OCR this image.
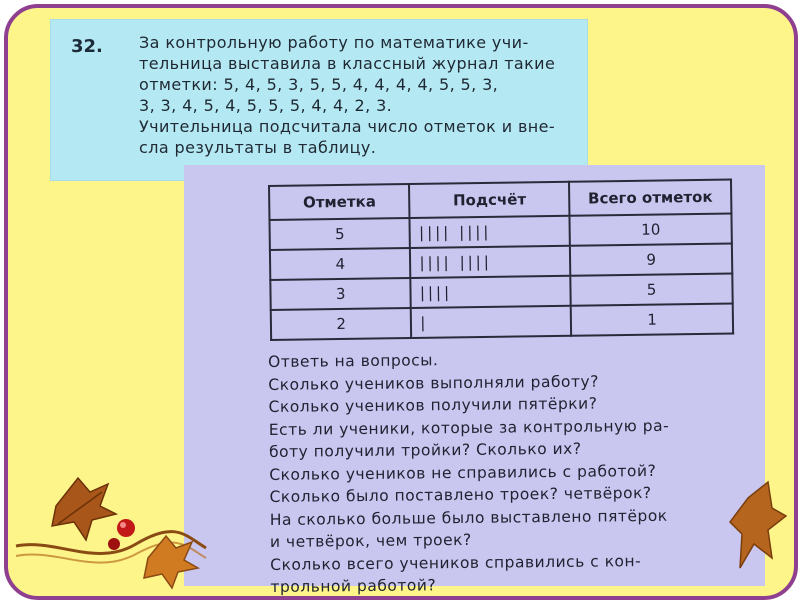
32. За контрольную работу по математике учи-
тельница выставила в классный журнал такие
отметки: 5, 4, 5, 3, 5, 5, 4, 4, 4, 4, 5, 5, 3,
3, 3, 4, 5, 4, 5, 5, 5, 4, 4, 2, 3.
Учительница подсчитала число отметок и вне-
сла результаты в таблицу.
Отметка	Подсчёт	Всего отметок
5	|||| ||||	10
4	|||| ||||	9
3	||||	5
2	|	1
Ответь на вопросы.
Сколько учеников выполняли работу?
Сколько учеников получили пятёрки?
Есть ли ученики, которые за контрольную ра-
боту получили тройки? Сколько их?
Сколько учеников не справились с работой?
Сколько было поставлено троек? четвёрок?
На сколько больше было выставлено пятёрок
и четвёрок, чем троек?
Сколько всего учеников справились с кон-
трольной работой?
